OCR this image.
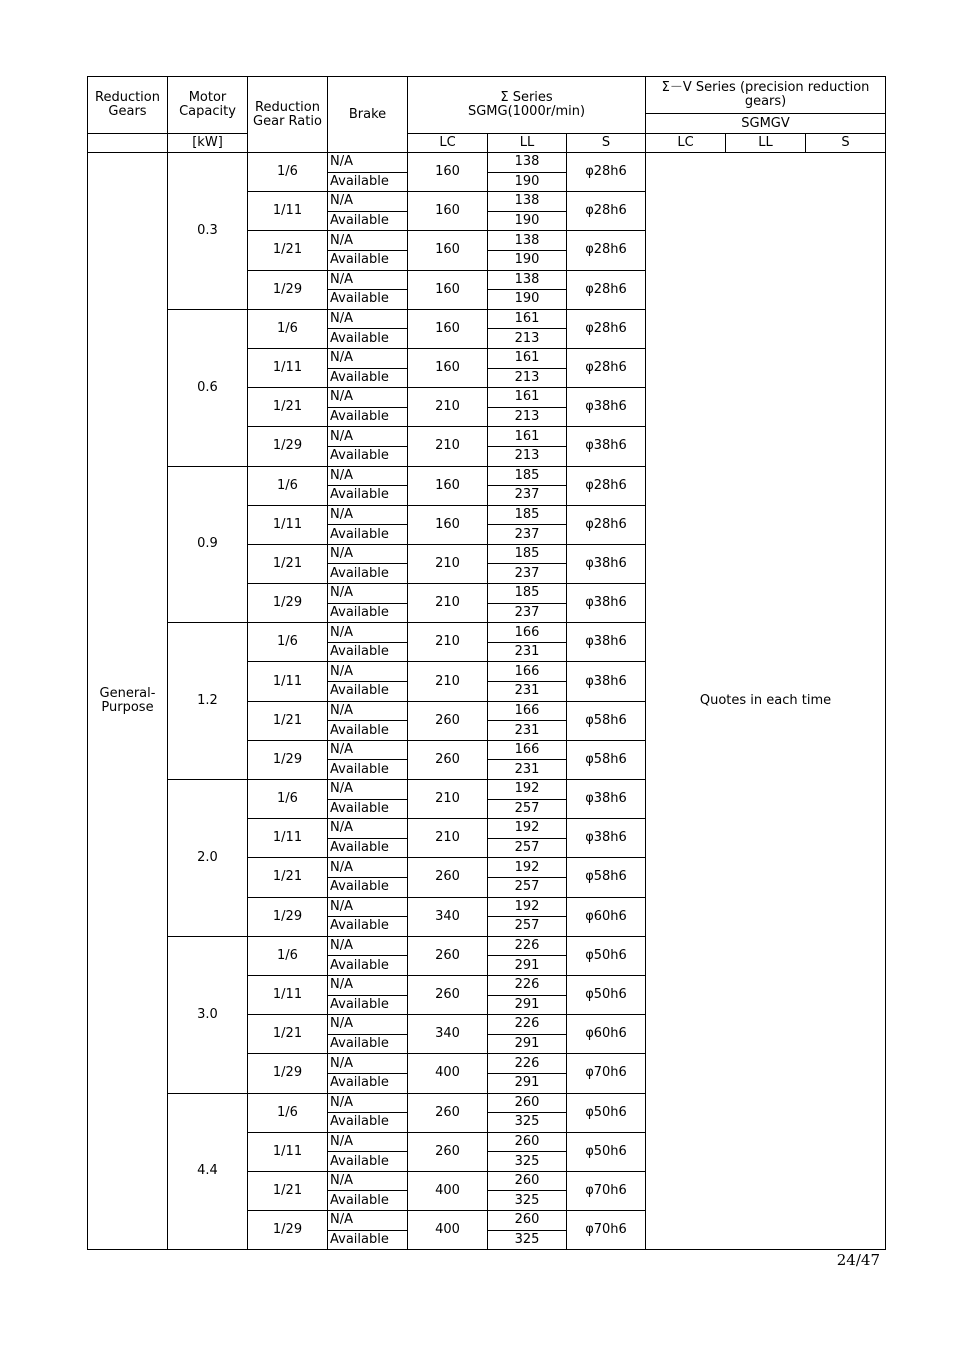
Reduction Gears	Motor Capacity	Reduction Gear Ratio	Brake	Σ Series
SGMG(1000r/min)			Σ－Ⅴ Series (precision reduction gears)		
							SGMGV		
	[kW]			LC	LL	S	LC	LL	S
General-Purpose	0.3	1/6	N/A	160	138	φ28h6	Quotes in each time		
			Available		190				
		1/11	N/A	160	138	φ28h6			
			Available		190				
		1/21	N/A	160	138	φ28h6			
			Available		190				
		1/29	N/A	160	138	φ28h6			
			Available		190				
	0.6	1/6	N/A	160	161	φ28h6			
			Available		213				
		1/11	N/A	160	161	φ28h6			
			Available		213				
		1/21	N/A	210	161	φ38h6			
			Available		213				
		1/29	N/A	210	161	φ38h6			
			Available		213				
	0.9	1/6	N/A	160	185	φ28h6			
			Available		237				
		1/11	N/A	160	185	φ28h6			
			Available		237				
		1/21	N/A	210	185	φ38h6			
			Available		237				
		1/29	N/A	210	185	φ38h6			
			Available		237				
	1.2	1/6	N/A	210	166	φ38h6			
			Available		231				
		1/11	N/A	210	166	φ38h6			
			Available		231				
		1/21	N/A	260	166	φ58h6			
			Available		231				
		1/29	N/A	260	166	φ58h6			
			Available		231				
	2.0	1/6	N/A	210	192	φ38h6			
			Available		257				
		1/11	N/A	210	192	φ38h6			
			Available		257				
		1/21	N/A	260	192	φ58h6			
			Available		257				
		1/29	N/A	340	192	φ60h6			
			Available		257				
	3.0	1/6	N/A	260	226	φ50h6			
			Available		291				
		1/11	N/A	260	226	φ50h6			
			Available		291				
		1/21	N/A	340	226	φ60h6			
			Available		291				
		1/29	N/A	400	226	φ70h6			
			Available		291				
	4.4	1/6	N/A	260	260	φ50h6			
			Available		325				
		1/11	N/A	260	260	φ50h6			
			Available		325				
		1/21	N/A	400	260	φ70h6			
			Available		325				
		1/29	N/A	400	260	φ70h6			
			Available		325				
24/47
